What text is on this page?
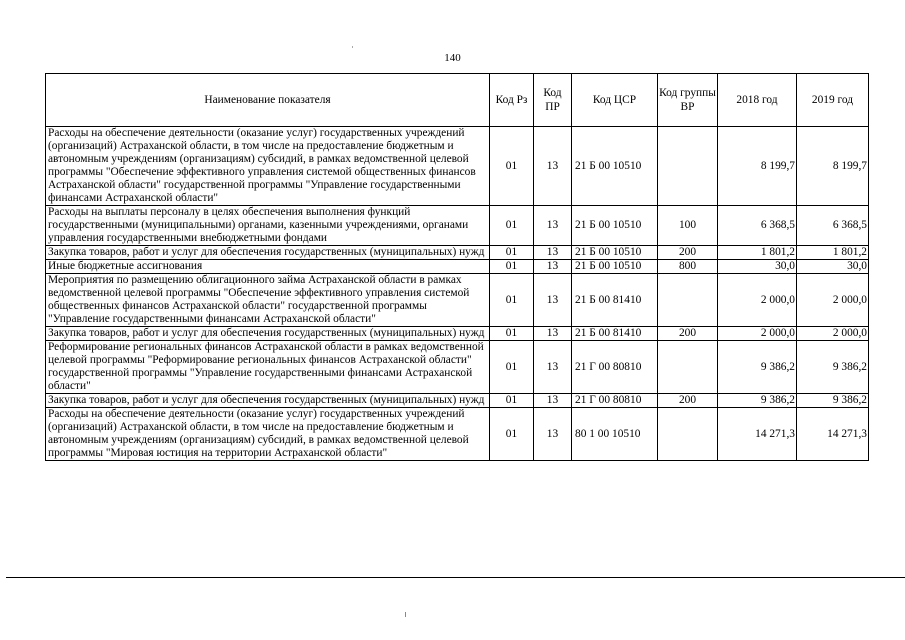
140
Наименование показателя	Код Рз	Код ПР	Код ЦСР	Код группы ВР	2018 год	2019 год
Расходы на обеспечение деятельности (оказание услуг) государственных учреждений (организаций) Астраханской области, в том числе на предоставление бюджетным и автономным учреждениям (организациям) субсидий, в рамках ведомственной целевой программы "Обеспечение эффективного управления системой общественных финансов Астраханской области" государственной программы "Управление государственными финансами Астраханской области"	01	13	21 Б 00 10510		8 199,7	8 199,7
Расходы на выплаты персоналу в целях обеспечения выполнения функций государственными (муниципальными) органами, казенными учреждениями, органами управления государственными внебюджетными фондами	01	13	21 Б 00 10510	100	6 368,5	6 368,5
Закупка товаров, работ и услуг для обеспечения государственных (муниципальных) нужд	01	13	21 Б 00 10510	200	1 801,2	1 801,2
Иные бюджетные ассигнования	01	13	21 Б 00 10510	800	30,0	30,0
Мероприятия по размещению облигационного займа Астраханской области в рамках ведомственной целевой программы "Обеспечение эффективного управления системой общественных финансов Астраханской области" государственной программы "Управление государственными финансами Астраханской области"	01	13	21 Б 00 81410		2 000,0	2 000,0
Закупка товаров, работ и услуг для обеспечения государственных (муниципальных) нужд	01	13	21 Б 00 81410	200	2 000,0	2 000,0
Реформирование региональных финансов Астраханской области в рамках ведомственной целевой программы "Реформирование региональных финансов Астраханской области" государственной программы "Управление государственными финансами Астраханской области"	01	13	21 Г 00 80810		9 386,2	9 386,2
Закупка товаров, работ и услуг для обеспечения государственных (муниципальных) нужд	01	13	21 Г 00 80810	200	9 386,2	9 386,2
Расходы на обеспечение деятельности (оказание услуг) государственных учреждений (организаций) Астраханской области, в том числе на предоставление бюджетным и автономным учреждениям (организациям) субсидий, в рамках ведомственной целевой программы "Мировая юстиция на территории Астраханской области"	01	13	80 1 00 10510		14 271,3	14 271,3
